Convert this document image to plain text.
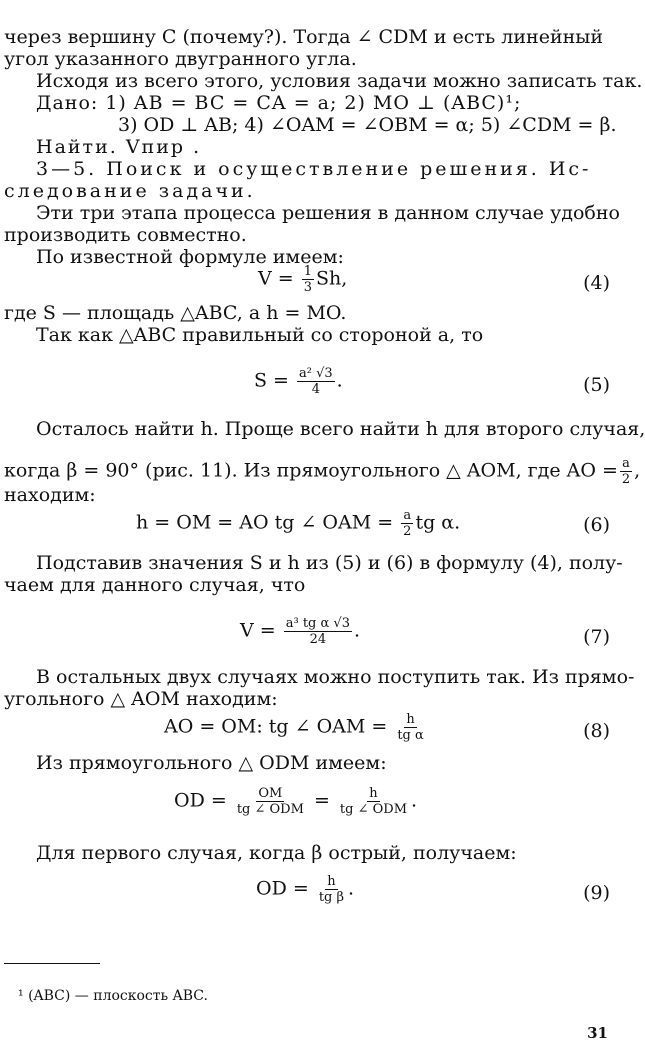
через вершину C (почему?). Тогда ∠ CDM и есть линейный
угол указанного двугранного угла.
Исходя из всего этого, условия задачи можно записать так.
Дано: 1) AB = BC = CA = a; 2) MO ⊥ (ABC)¹;
3) OD ⊥ AB; 4) ∠OAM = ∠OBM = α; 5) ∠CDM = β.
Найти. Vпир .
3—5. Поиск и осуществление решения. Ис-
следование задачи.
Эти три этапа процесса решения в данном случае удобно
производить совместно.
По известной формуле имеем:
$V = \frac{1}{3} Sh$,	(4)
где S — площадь △ABC, а h = MO.
Так как △ABC правильный со стороной a, то
$S = \frac{\text{a² √3}}{4}$ .	(5)
Осталось найти h. Проще всего найти h для второго случая,
когда β = 90° (рис. 11). Из прямоугольного △ AOM, где AO = $\frac{a}{2}$ ,
находим:
h = OM = AO tg ∠ OAM = $\frac{a}{2}$ tg α.	(6)
Подставив значения S и h из (5) и (6) в формулу (4), полу-
чаем для данного случая, что
$V = \frac{\text{a³ tg α √3}}{24}$ .	(7)
В остальных двух случаях можно поступить так. Из прямо-
угольного △ AOM находим:
AO = OM: tg ∠ OAM = $\frac{h}{\text{tg α}}$	(8)
Из прямоугольного △ ODM имеем:
OD = $\frac{OM}{\text{tg ∠ ODM}} = \frac{h}{\text{tg ∠ ODM}}$ .
Для первого случая, когда β острый, получаем:
OD = $\frac{h}{\text{tg β}}$ .	(9)
¹ (ABC) — плоскость ABC.
31
